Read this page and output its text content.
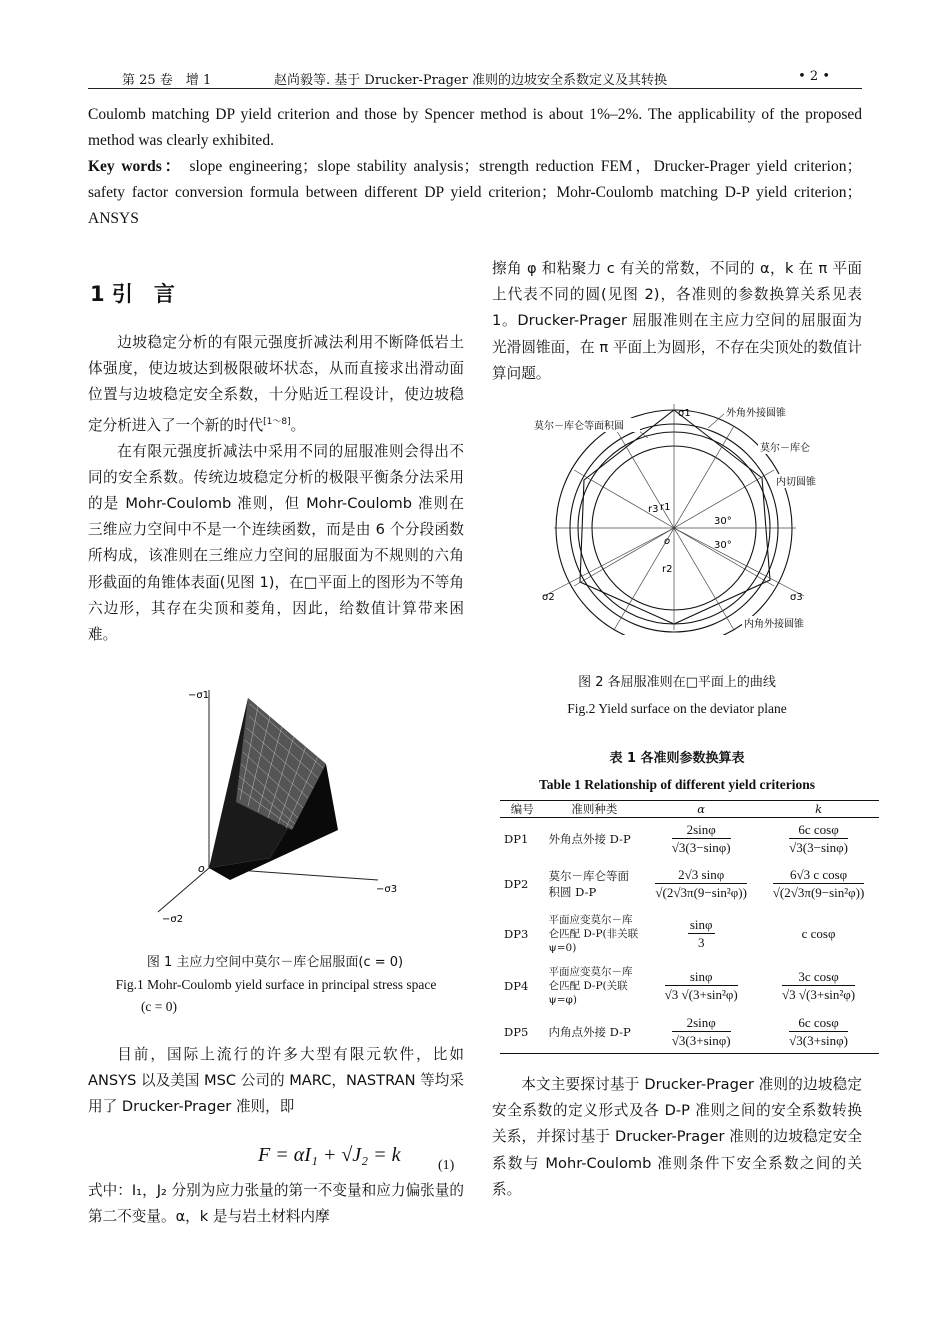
第 25 卷　增 1	赵尚毅等. 基于 Drucker-Prager 准则的边坡安全系数定义及其转换	• 2 •
Coulomb matching DP yield criterion and those by Spencer method is about 1%–2%. The applicability of the proposed method was clearly exhibited.
Key words： slope engineering；slope stability analysis；strength reduction FEM，Drucker-Prager yield criterion；safety factor conversion formula between different DP yield criterion；Mohr-Coulomb matching D-P yield criterion；ANSYS
1 引　言

边坡稳定分析的有限元强度折减法利用不断降低岩土体强度，使边坡达到极限破坏状态，从而直接求出滑动面位置与边坡稳定安全系数，十分贴近工程设计，使边坡稳定分析进入了一个新的时代[1～8]。

在有限元强度折减法中采用不同的屈服准则会得出不同的安全系数。传统边坡稳定分析的极限平衡条分法采用的是 Mohr-Coulomb 准则，但 Mohr-Coulomb 准则在三维应力空间中不是一个连续函数，而是由 6 个分段函数所构成，该准则在三维应力空间的屈服面为不规则的六角形截面的角锥体表面(见图 1)，在□平面上的图形为不等角六边形，其存在尖顶和菱角，因此，给数值计算带来困难。

−σ1
−σ3
−σ2
o
图 1 主应力空间中莫尔－库仑屈服面(c = 0)
Fig.1 Mohr-Coulomb yield surface in principal stress space
(c = 0)

目前，国际上流行的许多大型有限元软件，比如 ANSYS 以及美国 MSC 公司的 MARC，NASTRAN 等均采用了 Drucker-Prager 准则，即

F = αI₁ + √J₂ = k	(1)
式中：I₁，J₂ 分别为应力张量的第一不变量和应力偏张量的第二不变量。α，k 是与岩土材料内摩
擦角 φ 和粘聚力 c 有关的常数，不同的 α，k 在 π 平面上代表不同的圆(见图 2)，各准则的参数换算关系见表 1。Drucker-Prager 屈服准则在主应力空间的屈服面为光滑圆锥面，在 π 平面上为圆形，不存在尖顶处的数值计算问题。
σ1
σ2	σ3
r1
r2
r3
30°
30°
o
莫尔－库仑等面积圆
外角外接圆锥
莫尔－库仑
内切圆锥
内角外接圆锥
图 2 各屈服准则在□平面上的曲线
Fig.2 Yield surface on the deviator plane
表 1 各准则参数换算表
Table 1 Relationship of different yield criterions
编号	准则种类	α	k
DP1	外角点外接 D-P	$\frac{2\sin\varphi}{√3(3-\sin\varphi)}$	$\frac{\text{6c cosφ}}{√3(3-\sin\varphi)}$

DP2	莫尔－库仑等面积圆 D-P	$\frac{2√3 \sin\varphi}{\text{√(2√3π(9−sin²φ))}}$	$\frac{\text{6√3 c cosφ}}{\text{√(2√3π(9−sin²φ))}}$

DP3	平面应变莫尔－库仑匹配 D-P(非关联 ψ=0)	$\frac{\sin\varphi}{3}$	c cosφ
DP4	平面应变莫尔－库仑匹配 D-P(关联 ψ=φ)	$\frac{\sin\varphi}{\text{√3 √(3+sin²φ)}}$	$\frac{\text{3c cosφ}}{\text{√3 √(3+sin²φ)}}$

DP5	内角点外接 D-P	$\frac{2\sin\varphi}{√3(3+\sin\varphi)}$	$\frac{\text{6c cosφ}}{√3(3+\sin\varphi)}$

本文主要探讨基于 Drucker-Prager 准则的边坡稳定安全系数的定义形式及各 D-P 准则之间的安全系数转换关系，并探讨基于 Drucker-Prager 准则的边坡稳定安全系数与 Mohr-Coulomb 准则条件下安全系数之间的关系。
